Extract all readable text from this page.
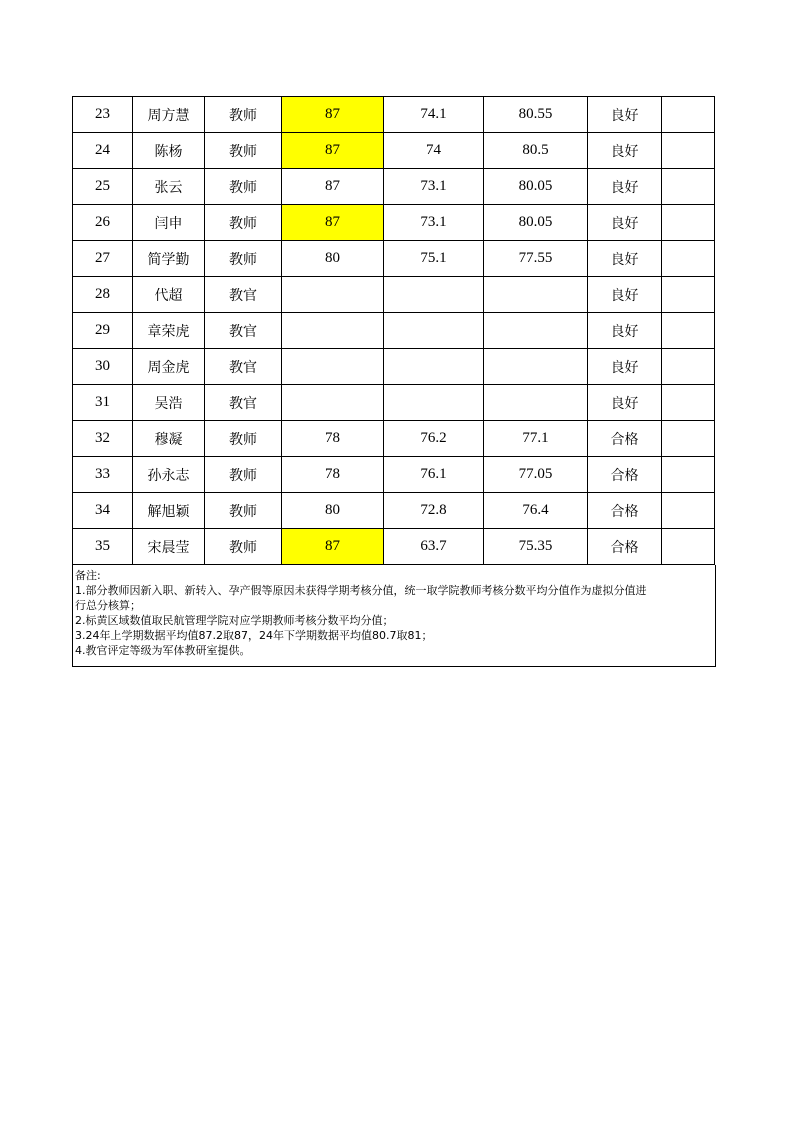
23	周方慧	教师	87	74.1	80.55	良好	
24	陈杨	教师	87	74	80.5	良好	
25	张云	教师	87	73.1	80.05	良好	
26	闫申	教师	87	73.1	80.05	良好	
27	简学勤	教师	80	75.1	77.55	良好	
28	代超	教官				良好	
29	章荣虎	教官				良好	
30	周金虎	教官				良好	
31	吴浩	教官				良好	
32	穆凝	教师	78	76.2	77.1	合格	
33	孙永志	教师	78	76.1	77.05	合格	
34	解旭颖	教师	80	72.8	76.4	合格	
35	宋晨莹	教师	87	63.7	75.35	合格	
备注:
1.部分教师因新入职、新转入、孕产假等原因未获得学期考核分值，统一取学院教师考核分数平均分值作为虚拟分值进
行总分核算；
2.标黄区域数值取民航管理学院对应学期教师考核分数平均分值；
3.24年上学期数据平均值87.2取87，24年下学期数据平均值80.7取81；
4.教官评定等级为军体教研室提供。
